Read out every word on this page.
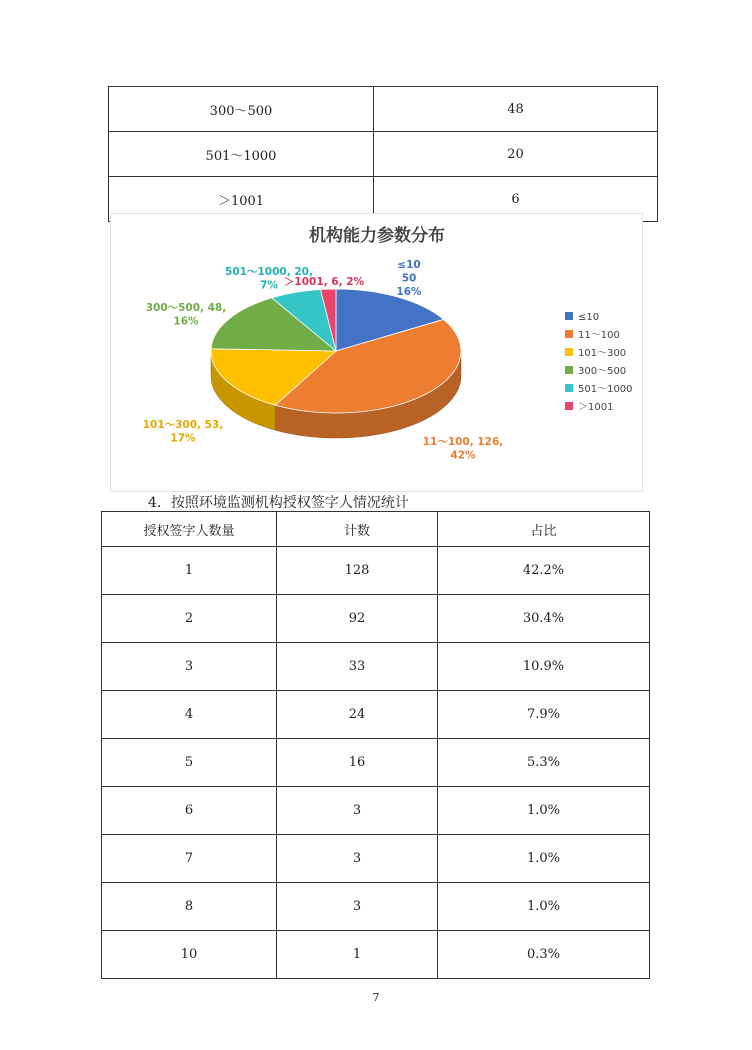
300～500	48
501～1000	20
＞1001	6
机构能力参数分布
≤10 50 16%
11～100, 126, 42%
101～300, 53, 17%
300～500, 48, 16%
501～1000, 20, 7% ＞1001, 6, 2%
≤10
11～100
101～300
300～500
501～1000
＞1001
4．按照环境监测机构授权签字人情况统计
授权签字人数量	计数	占比
1	128	42.2%
2	92	30.4%
3	33	10.9%
4	24	7.9%
5	16	5.3%
6	3	1.0%
7	3	1.0%
8	3	1.0%
10	1	0.3%
7
